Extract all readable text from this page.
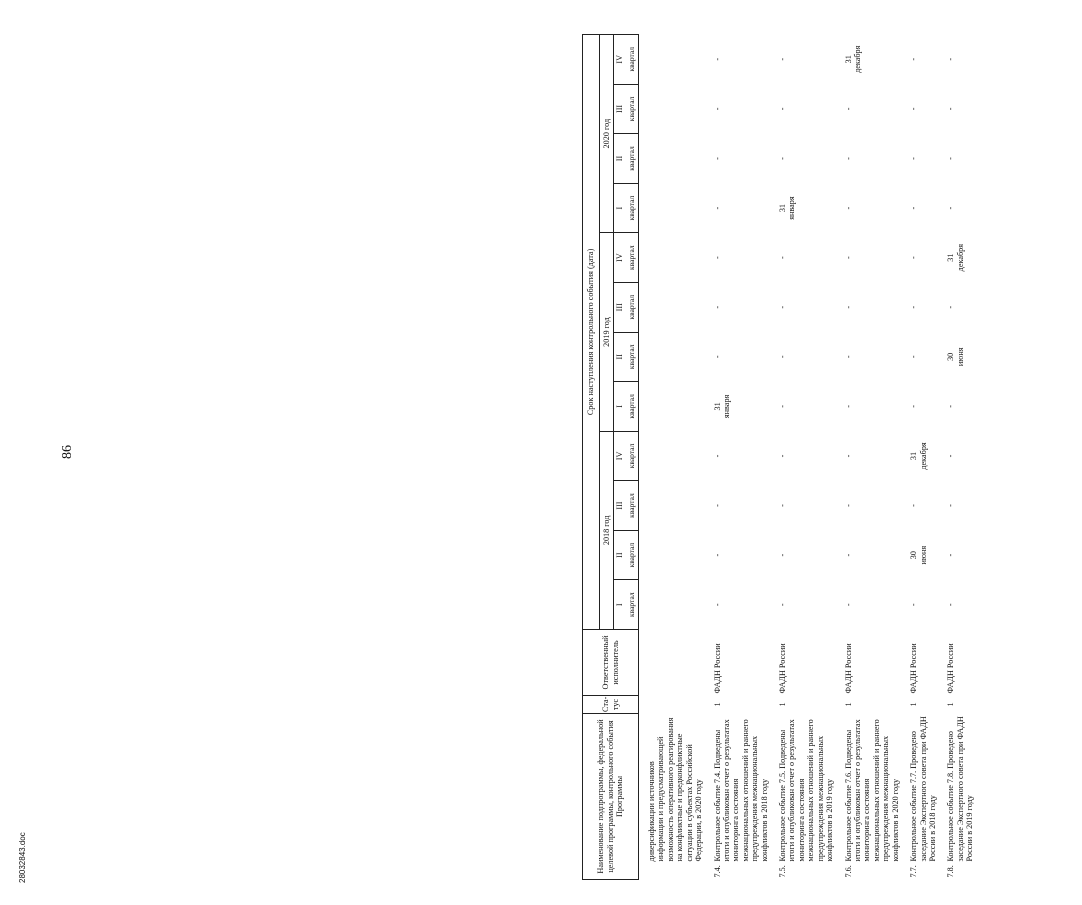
86
28032843.doc	Наименование подпрограммы, федеральной целевой программы, контрольного события Программы		Ста-тус	Ответственный исполнитель	Срок наступления контрольного события (дата)											
				2018 год				2019 год				2020 год			
				I	II	III	IV	I	II	III	IV	I	II	III	IV
				квартал	квартал	квартал	квартал	квартал	квартал	квартал	квартал	квартал	квартал	квартал	квартал
	диверсификации источников информации и предусматривающей возможность оперативного реагирования на конфликтные и предконфликтные ситуации в субъектах Российской Федерации, в 2020 году														
7.4.	Контрольное событие 7.4. Подведены итоги и опубликован отчет о результатах мониторинга состояния межнациональных отношений и раннего предупреждения межнациональных конфликтов в 2018 году	1	ФАДН России	-	-	-	-	31 января	-	-	-	-	-	-	-
7.5.	Контрольное событие 7.5. Подведены итоги и опубликован отчет о результатах мониторинга состояния межнациональных отношений и раннего предупреждения межнациональных конфликтов в 2019 году	1	ФАДН России	-	-	-	-	-	-	-	-	31 января	-	-	-
7.6.	Контрольное событие 7.6. Подведены итоги и опубликован отчет о результатах мониторинга состояния межнациональных отношений и раннего предупреждения межнациональных конфликтов в 2020 году	1	ФАДН России	-	-	-	-	-	-	-	-	-	-	-	31 декабря

7.7.	Контрольное событие 7.7. Проведено заседание Экспертного совета при ФАДН России в 2018 году	1	ФАДН России	-	30 июня	-	31 декабря	-	-	-	-	-	-	-	-
7.8.	Контрольное событие 7.8. Проведено заседание Экспертного совета при ФАДН России в 2019 году	1	ФАДН России	-	-	-	-	-	30 июня	-	31 декабря	-	-	-	-
